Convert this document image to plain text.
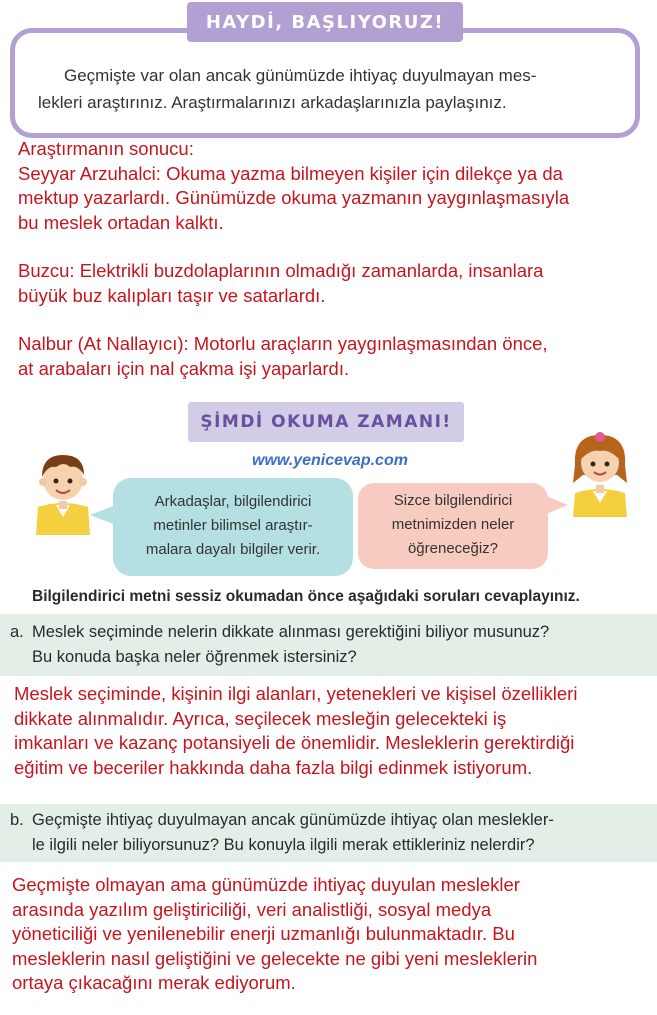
HAYDİ, BAŞLIYORUZ!
Geçmişte var olan ancak günümüzde ihtiyaç duyulmayan mes-
lekleri araştırınız. Araştırmalarınızı arkadaşlarınızla paylaşınız.
Araştırmanın sonucu:
Seyyar Arzuhalci: Okuma yazma bilmeyen kişiler için dilekçe ya da
mektup yazarlardı. Günümüzde okuma yazmanın yaygınlaşmasıyla
bu meslek ortadan kalktı.
Buzcu: Elektrikli buzdolaplarının olmadığı zamanlarda, insanlara
büyük buz kalıpları taşır ve satarlardı.
Nalbur (At Nallayıcı): Motorlu araçların yaygınlaşmasından önce,
at arabaları için nal çakma işi yaparlardı.
ŞİMDİ OKUMA ZAMANI!
www.yenicevap.com
Arkadaşlar, bilgilendirici
metinler bilimsel araştır-
malara dayalı bilgiler verir.
Sizce bilgilendirici
metnimizden neler
öğreneceğiz?
Bilgilendirici metni sessiz okumadan önce aşağıdaki soruları cevaplayınız.
a. Meslek seçiminde nelerin dikkate alınması gerektiğini biliyor musunuz?
Bu konuda başka neler öğrenmek istersiniz?
Meslek seçiminde, kişinin ilgi alanları, yetenekleri ve kişisel özellikleri
dikkate alınmalıdır. Ayrıca, seçilecek mesleğin gelecekteki iş
imkanları ve kazanç potansiyeli de önemlidir. Mesleklerin gerektirdiği
eğitim ve beceriler hakkında daha fazla bilgi edinmek istiyorum.
b. Geçmişte ihtiyaç duyulmayan ancak günümüzde ihtiyaç olan meslekler-
le ilgili neler biliyorsunuz? Bu konuyla ilgili merak ettikleriniz nelerdir?
Geçmişte olmayan ama günümüzde ihtiyaç duyulan meslekler
arasında yazılım geliştiriciliği, veri analistliği, sosyal medya
yöneticiliği ve yenilenebilir enerji uzmanlığı bulunmaktadır. Bu
mesleklerin nasıl geliştiğini ve gelecekte ne gibi yeni mesleklerin
ortaya çıkacağını merak ediyorum.
